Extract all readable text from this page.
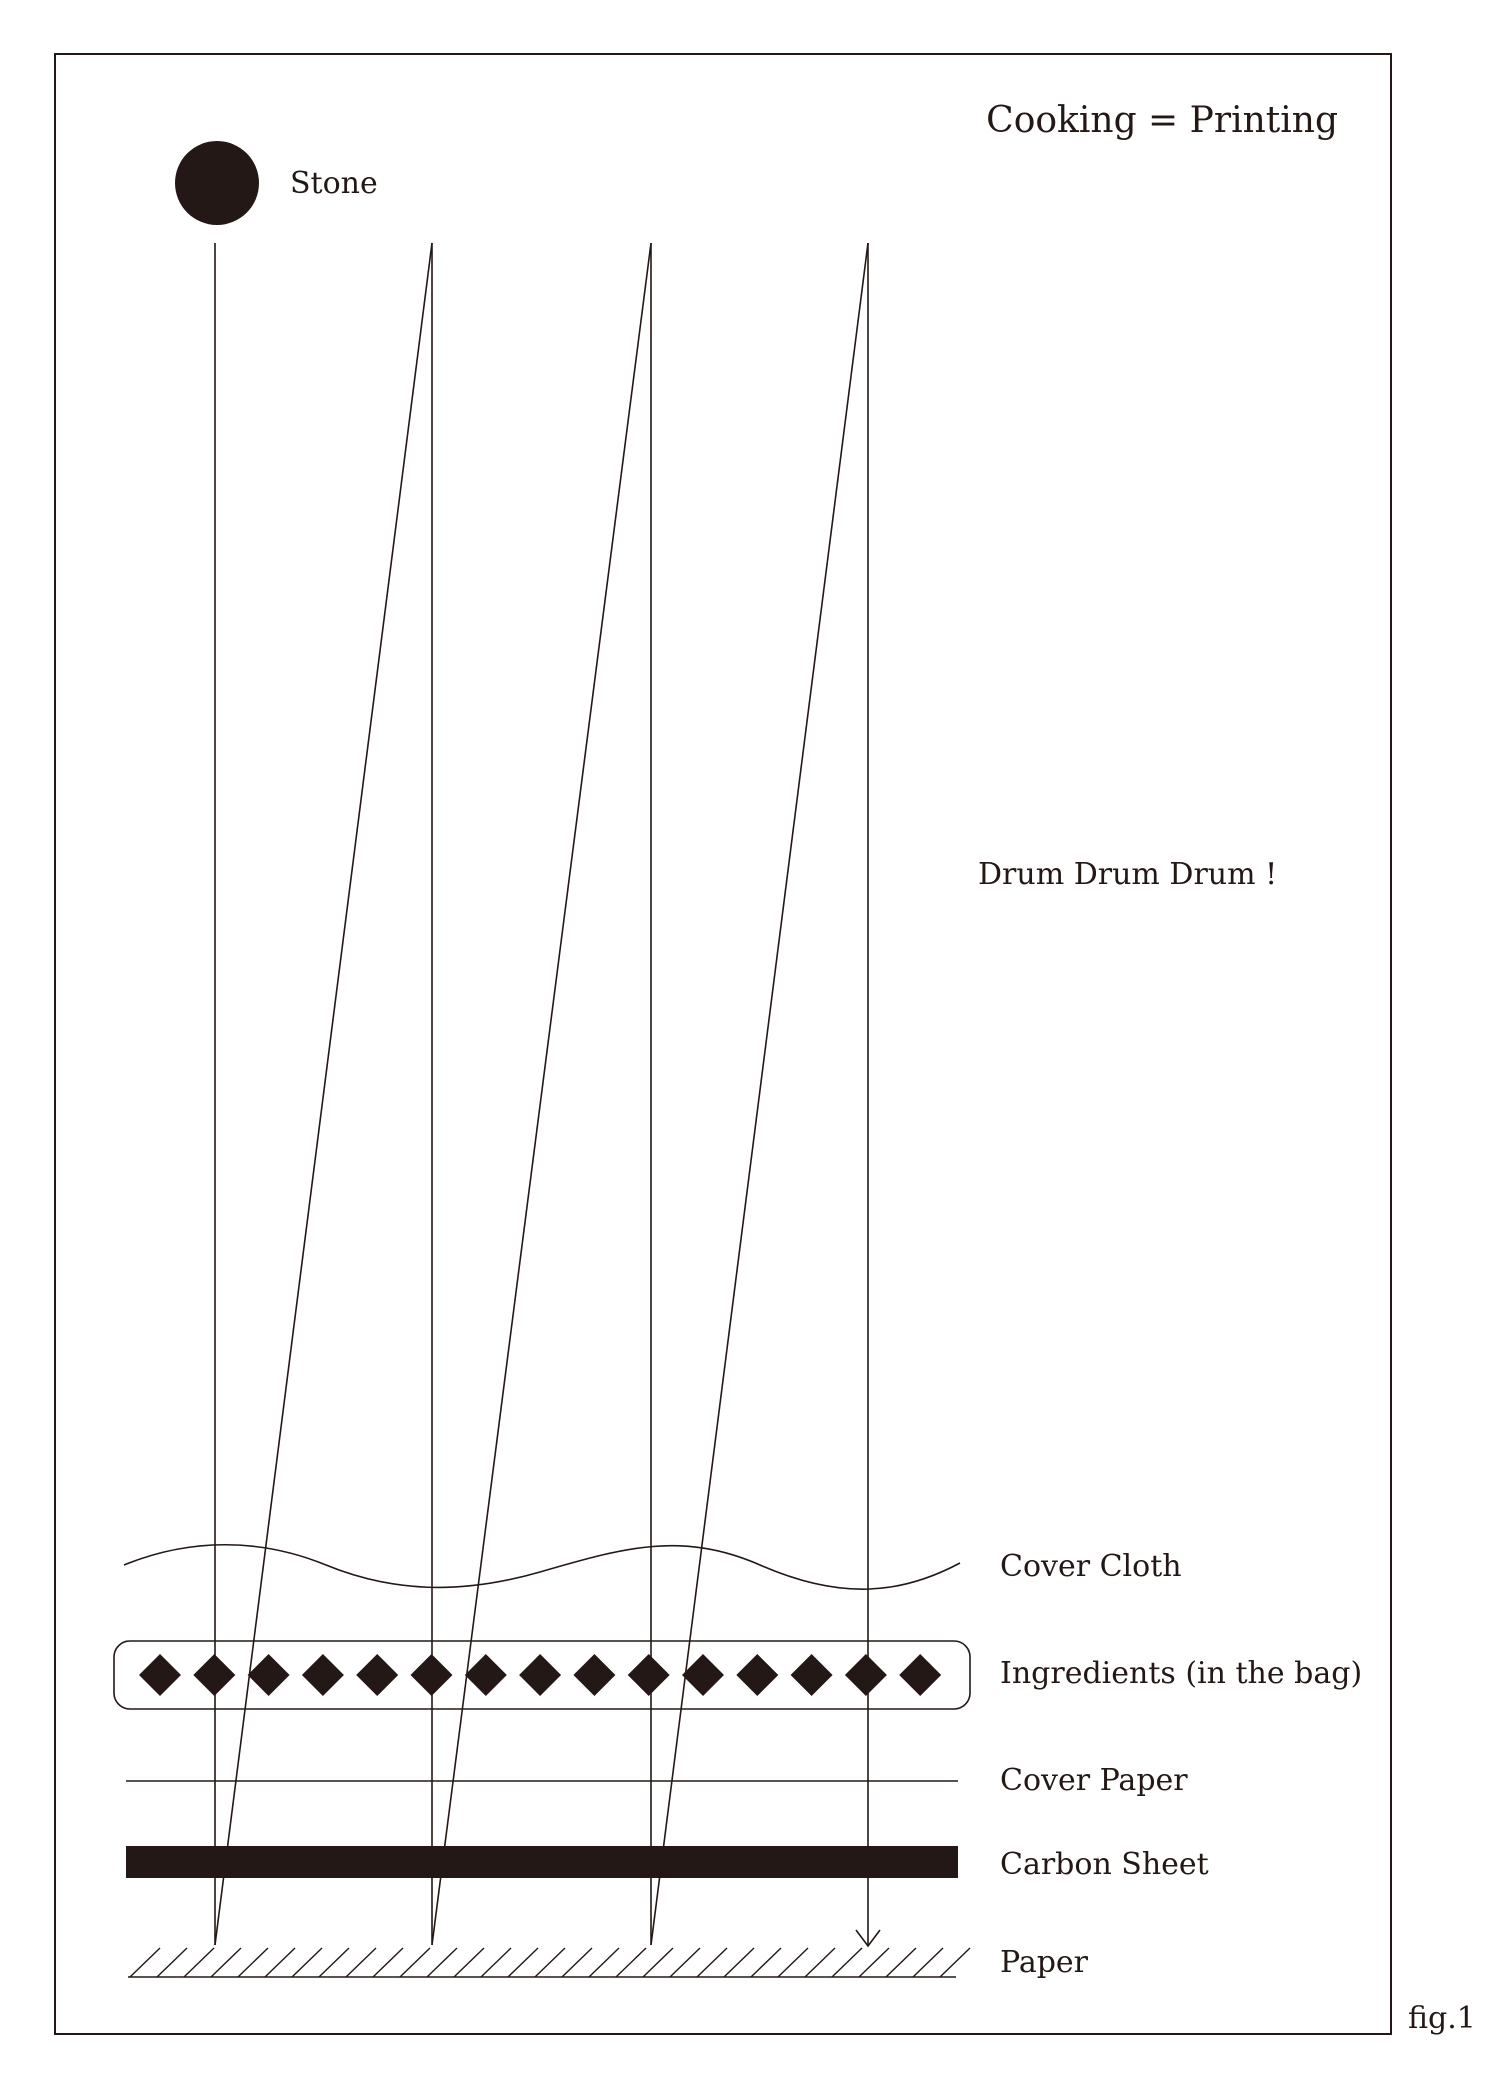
Cooking = Printing
Stone
Drum Drum Drum !
Cover Cloth
Ingredients (in the bag)
Cover Paper
Carbon Sheet
Paper
fig.1
